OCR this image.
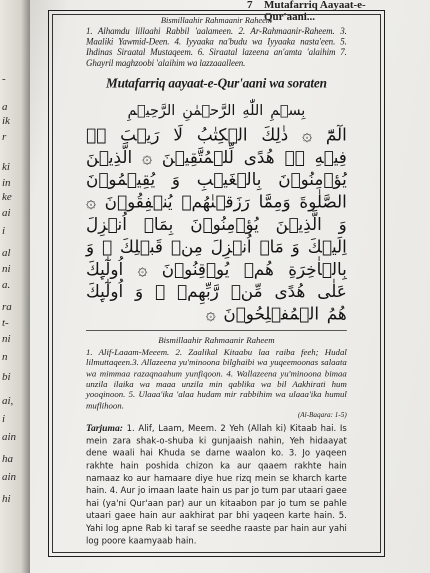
-
a
ik
r
ki
in
ke
ai
i
al
ni
a.
ra
t-
ni
n
bi
ai,
i
ain
ha
ain
hi
7 Mutafarriq Aayaat-e-Qur'aani...
Bismillaahir Rahmaanir Raheem

1. Alhamdu lillaahi Rabbil 'aalameen. 2. Ar-Rahmaanir-Raheem. 3. Maaliki Yawmid-Deen. 4. Iyyaaka na'budu wa Iyyaaka nasta'een. 5. Ihdinas Siraatal Mustaqeem. 6. Siraatal lazeena an'amta 'alaihim 7. Ghayril maghzoobi 'alaihim wa lazzaaalleen.

Mutafarriq aayaat-e-Qur'aani wa soraten
بِسۡمِ اللّٰهِ الرَّحۡمٰنِ الرَّحِيۡمِ
الٓمّٓ ۞ ذٰلِكَ الۡكِتٰبُ لَا رَيۡبَ ۛۚ فِيۡهِ ۛۚ هُدًى لِّلۡمُتَّقِيۡنَ ۞ الَّذِيۡنَ يُؤۡمِنُوۡنَ بِالۡغَيۡبِ وَ يُقِيۡمُوۡنَ الصَّلٰوةَ وَمِمَّا رَزَقۡنٰهُمۡ يُنۡفِقُوۡنَ ۞ وَ الَّذِيۡنَ يُؤۡمِنُوۡنَ بِمَاۤ اُنۡزِلَ اِلَيۡكَ وَ مَاۤ اُنۡزِلَ مِنۡ قَبۡلِكَ ۚ وَ بِالۡاٰخِرَةِ هُمۡ يُوۡقِنُوۡنَ ۞ اُولٰٓٮِٕكَ عَلٰى هُدًى مِّنۡ رَّبِّهِمۡ ۚ وَ اُولٰٓٮِٕكَ هُمُ الۡمُفۡلِحُوۡنَ ۞
Bismillaahir Rahmaanir Raheem

1. Alif-Laaam-Meeem. 2. Zaalikal Kitaabu laa raiba feeh; Hudal lilmuttaqeen.3. Allazeena yu'minoona bilghaibi wa yuqeemoonas salaata wa mimmaa razaqnaahum yunfiqoon. 4. Wallazeena yu'minoona bimaa unzila ilaika wa maaa unzila min qablika wa bil Aakhirati hum yooqinoon. 5. Ulaaa'ika 'alaa hudam mir rabbihim wa ulaaa'ika humul muflihoon.

(Al-Baqara: 1-5)

Tarjuma: 1. Alif, Laam, Meem. 2 Yeh (Allah ki) Kitaab hai. Is mein zara shak-o-shuba ki gunjaaish nahin, Yeh hidaayat dene waali hai Khuda se darne waalon ko. 3. Jo yaqeen rakhte hain poshida chizon ka aur qaaem rakhte hain namaaz ko aur hamaare diye hue rizq mein se kharch karte hain. 4. Aur jo imaan laate hain us par jo tum par utaari gaee hai (ya'ni Qur'aan par) aur un kitaabon par jo tum se pahle utaari gaee hain aur aakhirat par bhi yaqeen karte hain. 5. Yahi log apne Rab ki taraf se seedhe raaste par hain aur yahi log poore kaamyaab hain.
